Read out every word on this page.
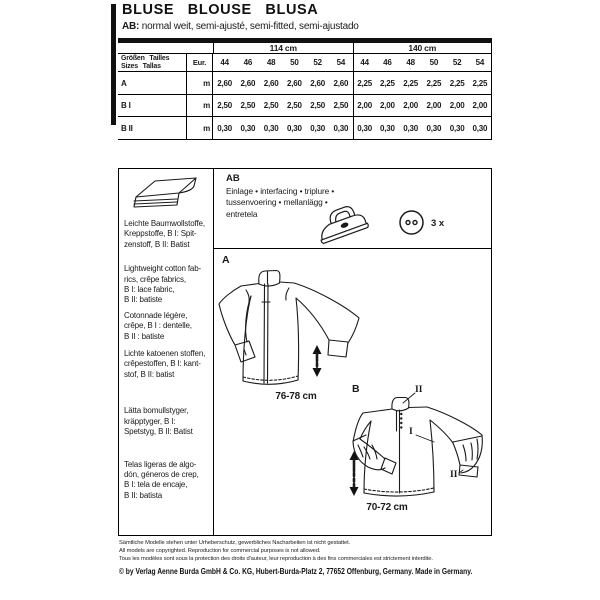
BLUSE BLOUSE BLUSA
AB: normal weit, semi-ajusté, semi-fitted, semi-ajustado
114 cm	140 cm
Größen Tailles
Sizes Tallas	Eur.	44	46	48	50	52	54	44	46	48	50	52	54
A	m 2,60	2,60	2,60	2,60	2,60	2,60	2,25 2,25	2,25	2,25	2,25 2,25
B I	m 2,50	2,50	2,50	2,50	2,50	2,50	2,00 2,00	2,00	2,00	2,00 2,00
B II	m 0,30	0,30	0,30	0,30	0,30	0,30	0,30 0,30	0,30	0,30	0,30 0,30
Leichte Baumwollstoffe,
Kreppstoffe, B I: Spit-
zenstoff, B II: Batist
Lightweight cotton fab-
rics, crêpe fabrics,
B I: lace fabric,
B II: batiste
Cotonnade légère,
crêpe, B I : dentelle,
B II : batiste
Lichte katoenen stoffen,
crêpestoffen, B I: kant-
stof, B II: batist
Lätta bomullstyger,
kräpptyger, B I:
Spetstyg, B II: Batist
Telas ligeras de algo-
dón, géneros de crep,
B I: tela de encaje,
B II: batista
AB
Einlage • interfacing • triplure •
tussenvoering • mellanlägg •
entretela
3 x
A
76-78 cm
B	II
I
II
70-72 cm
Sämtliche Modelle stehen unter Urheberschutz, gewerbliches Nacharbeiten ist nicht gestattet.
All models are copyrighted. Reproduction for commercial purposes is not allowed.
Tous les modèles sont sous la protection des droits d'auteur, leur reproduction à des fins commerciales est strictement interdite.
© by Verlag Aenne Burda GmbH & Co. KG, Hubert-Burda-Platz 2, 77652 Offenburg, Germany. Made in Germany.
